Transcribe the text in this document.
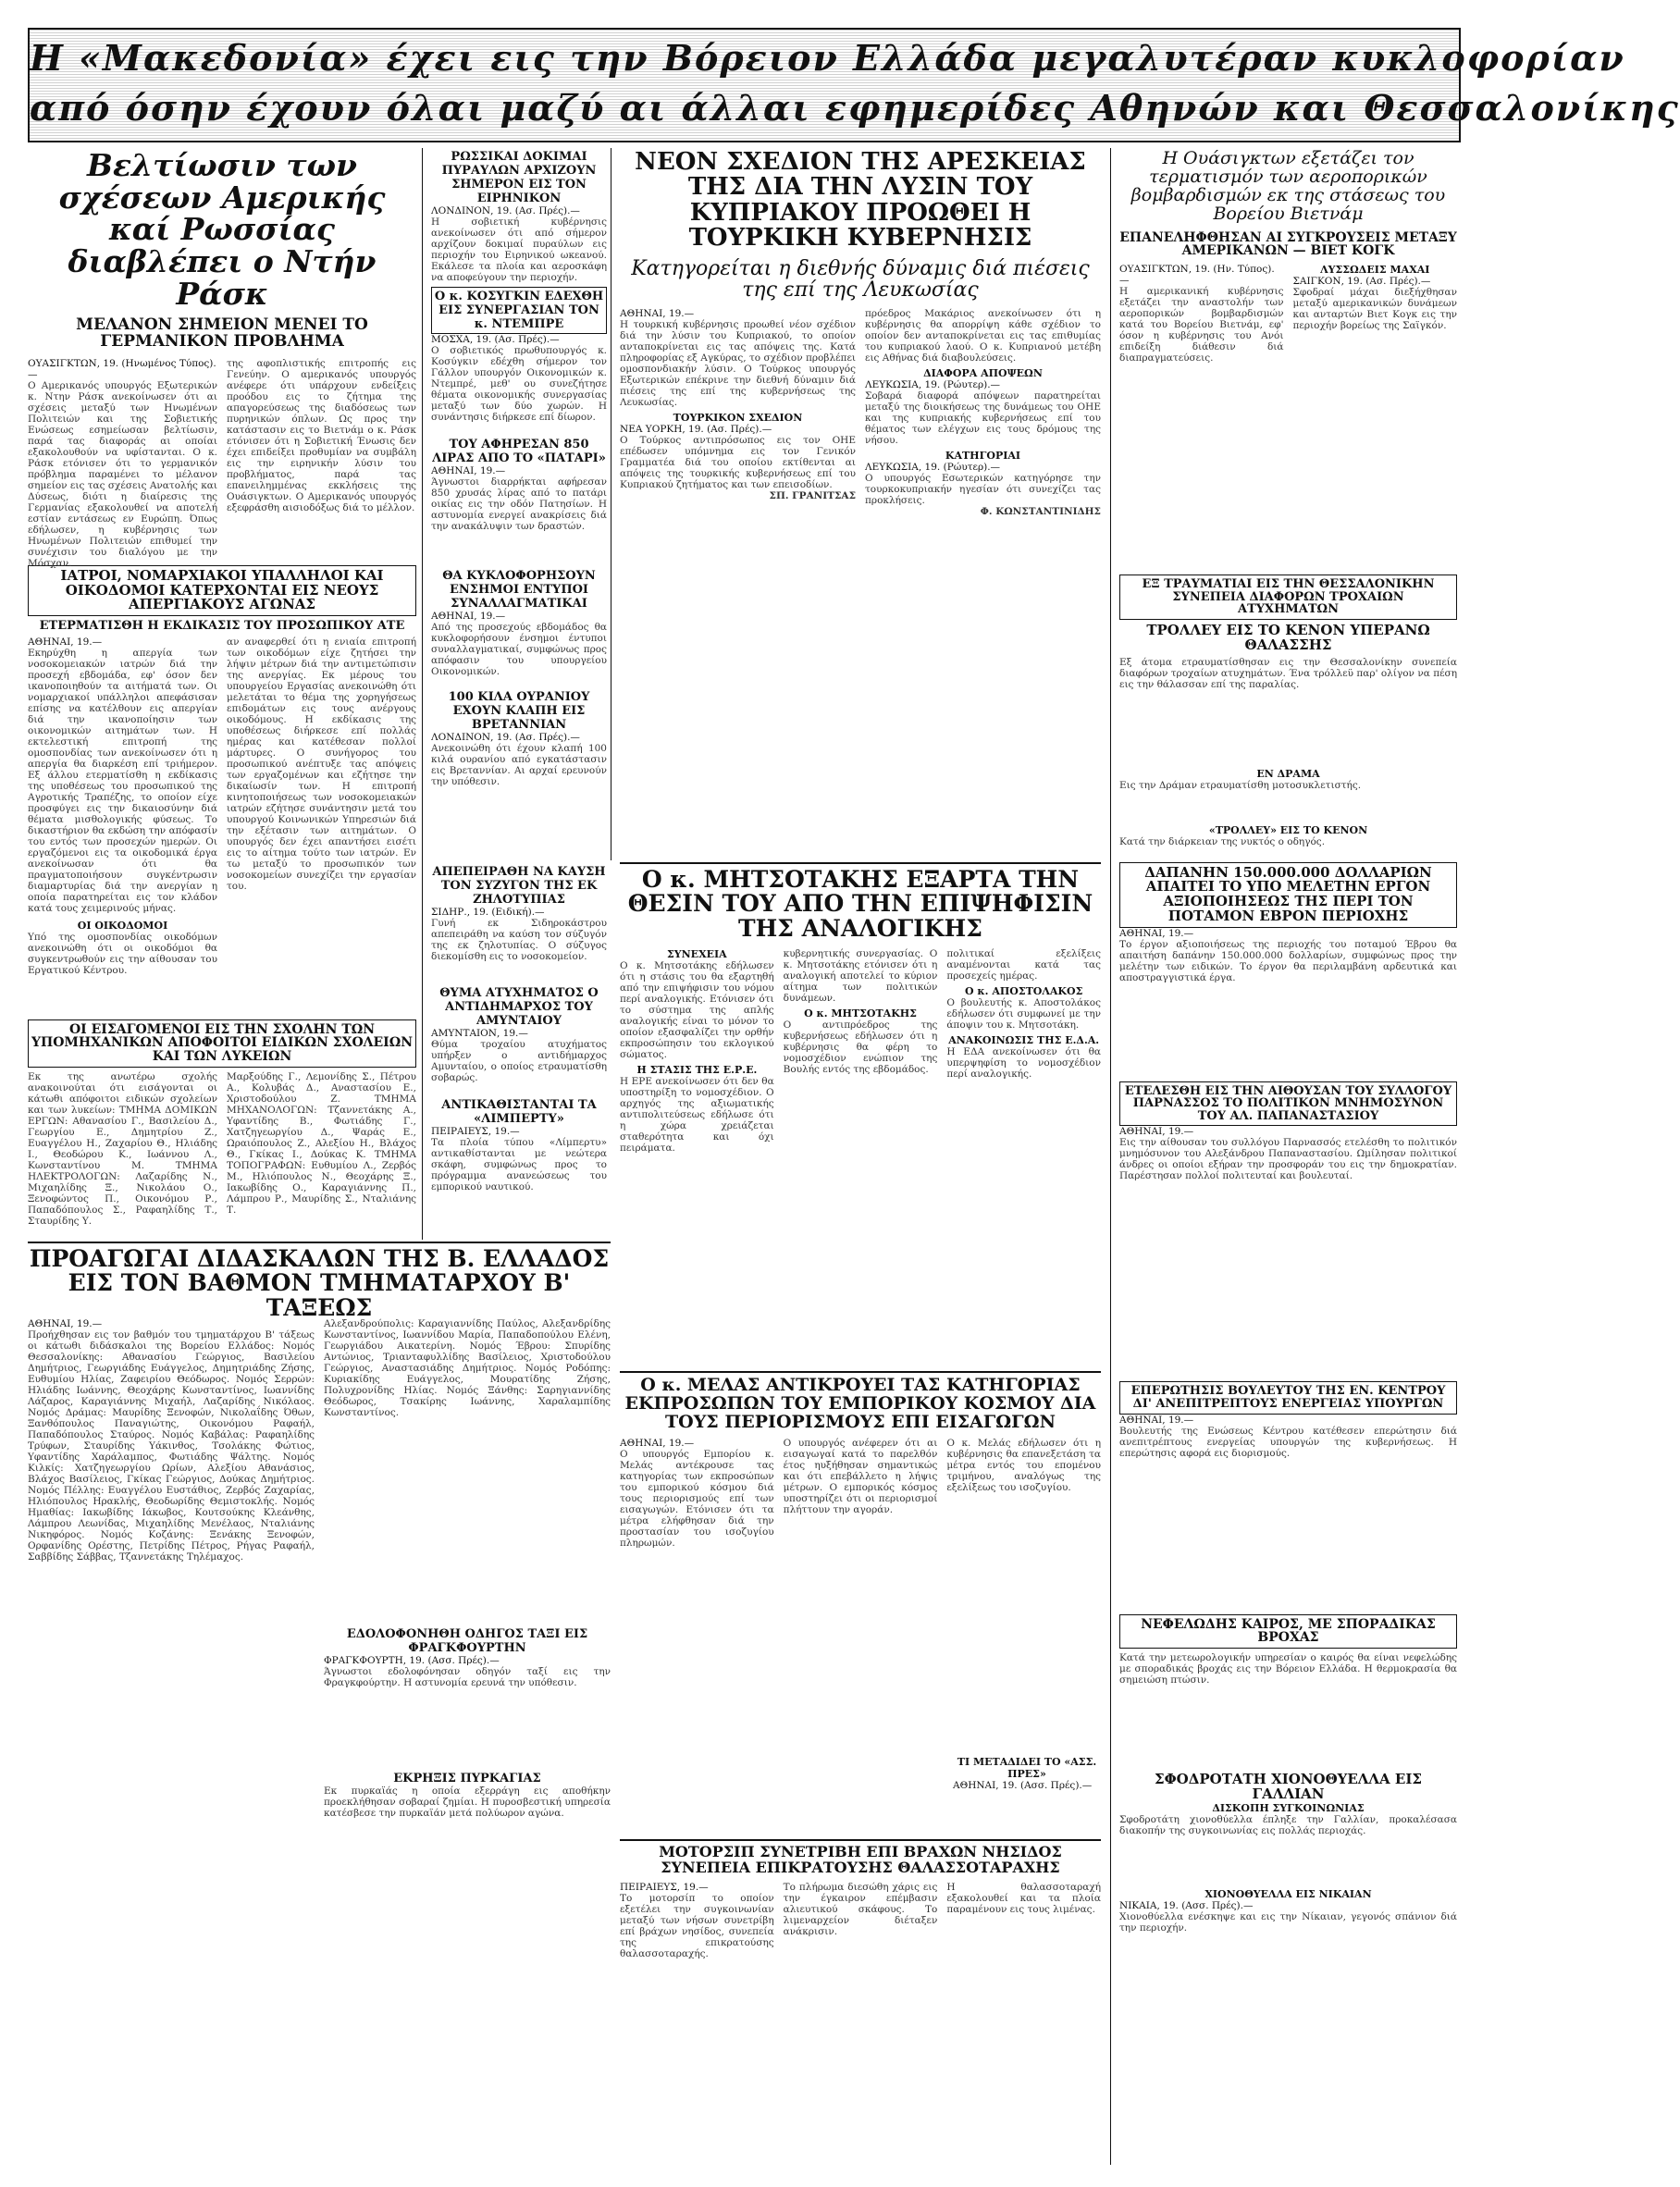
Η «Μακεδονία» έχει εις την Βόρειον Ελλάδα μεγαλυτέραν κυκλοφορίαν
από όσην έχουν όλαι μαζύ αι άλλαι εφημερίδες Αθηνών και Θεσσαλονίκης
Βελτίωσιν των σχέσεων Αμερικής καί Ρωσσίας διαβλέπει ο Ντήν Ράσκ
ΜΕΛΑΝΟΝ ΣΗΜΕΙΟΝ ΜΕΝΕΙ ΤΟ ΓΕΡΜΑΝΙΚΟΝ ΠΡΟΒΛΗΜΑ
ΟΥΑΣΙΓΚΤΩΝ, 19. (Ηνωμένος Τύπος).—
Ο Αμερικανός υπουργός Εξωτερικών κ. Ντην Ράσκ ανεκοίνωσεν ότι αι σχέσεις μεταξύ των Ηνωμένων Πολιτειών και της Σοβιετικής Ενώσεως εσημείωσαν βελτίωσιν, παρά τας διαφοράς αι οποίαι εξακολουθούν να υφίστανται. Ο κ. Ράσκ ετόνισεν ότι το γερμανικόν πρόβλημα παραμένει το μέλανον σημείον εις τας σχέσεις Ανατολής και Δύσεως, διότι η διαίρεσις της Γερμανίας εξακολουθεί να αποτελή εστίαν εντάσεως εν Ευρώπη. Όπως εδήλωσεν, η κυβέρνησις των Ηνωμένων Πολιτειών επιθυμεί την συνέχισιν του διαλόγου με την Μόσχαν.
της αφοπλιστικής επιτροπής εις Γενεύην. Ο αμερικανός υπουργός ανέφερε ότι υπάρχουν ενδείξεις προόδου εις το ζήτημα της απαγορεύσεως της διαδόσεως των πυρηνικών όπλων. Ως προς την κατάστασιν εις το Βιετνάμ ο κ. Ράσκ ετόνισεν ότι η Σοβιετική Ένωσις δεν έχει επιδείξει προθυμίαν να συμβάλη εις την ειρηνικήν λύσιν του προβλήματος, παρά τας επανειλημμένας εκκλήσεις της Ουάσιγκτων. Ο Αμερικανός υπουργός εξεφράσθη αισιοδόξως διά το μέλλον.
ΙΑΤΡΟΙ, ΝΟΜΑΡΧΙΑΚΟΙ ΥΠΑΛΛΗΛΟΙ ΚΑΙ ΟΙΚΟΔΟΜΟΙ ΚΑΤΕΡΧΟΝΤΑΙ ΕΙΣ ΝΕΟΥΣ ΑΠΕΡΓΙΑΚΟΥΣ ΑΓΩΝΑΣ
ΕΤΕΡΜΑΤΙΣΘΗ Η ΕΚΔΙΚΑΣΙΣ ΤΟΥ ΠΡΟΣΩΠΙΚΟΥ ΑΤΕ
ΑΘΗΝΑΙ, 19.—
Εκηρύχθη η απεργία των νοσοκομειακών ιατρών διά την προσεχή εβδομάδα, εφ' όσον δεν ικανοποιηθούν τα αιτήματά των. Οι νομαρχιακοί υπάλληλοι απεφάσισαν επίσης να κατέλθουν εις απεργίαν διά την ικανοποίησιν των οικονομικών αιτημάτων των. Η εκτελεστική επιτροπή της ομοσπονδίας των ανεκοίνωσεν ότι η απεργία θα διαρκέση επί τριήμερον. Εξ άλλου ετερματίσθη η εκδίκασις της υποθέσεως του προσωπικού της Αγροτικής Τραπέζης, το οποίον είχε προσφύγει εις την δικαιοσύνην διά θέματα μισθολογικής φύσεως. Το δικαστήριον θα εκδώση την απόφασίν του εντός των προσεχών ημερών. Οι εργαζόμενοι εις τα οικοδομικά έργα ανεκοίνωσαν ότι θα πραγματοποιήσουν συγκέντρωσιν διαμαρτυρίας διά την ανεργίαν η οποία παρατηρείται εις τον κλάδον κατά τους χειμερινούς μήνας.
ΟΙ ΟΙΚΟΔΟΜΟΙ
Υπό της ομοσπονδίας οικοδόμων ανεκοινώθη ότι οι οικοδόμοι θα συγκεντρωθούν εις την αίθουσαν του Εργατικού Κέντρου.
αν αναφερθεί ότι η ενιαία επιτροπή των οικοδόμων είχε ζητήσει την λήψιν μέτρων διά την αντιμετώπισιν της ανεργίας. Εκ μέρους του υπουργείου Εργασίας ανεκοινώθη ότι μελετάται το θέμα της χορηγήσεως επιδομάτων εις τους ανέργους οικοδόμους. Η εκδίκασις της υποθέσεως διήρκεσε επί πολλάς ημέρας και κατέθεσαν πολλοί μάρτυρες. Ο συνήγορος του προσωπικού ανέπτυξε τας απόψεις των εργαζομένων και εζήτησε την δικαίωσίν των. Η επιτροπή κινητοποιήσεως των νοσοκομειακών ιατρών εζήτησε συνάντησιν μετά του υπουργού Κοινωνικών Υπηρεσιών διά την εξέτασιν των αιτημάτων. Ο υπουργός δεν έχει απαντήσει εισέτι εις το αίτημα τούτο των ιατρών. Εν τω μεταξύ το προσωπικόν των νοσοκομείων συνεχίζει την εργασίαν του.
ΟΙ ΕΙΣΑΓΟΜΕΝΟΙ ΕΙΣ ΤΗΝ ΣΧΟΛΗΝ ΤΩΝ ΥΠΟΜΗΧΑΝΙΚΩΝ ΑΠΟΦΟΙΤΟΙ ΕΙΔΙΚΩΝ ΣΧΟΛΕΙΩΝ ΚΑΙ ΤΩΝ ΛΥΚΕΙΩΝ
Εκ της ανωτέρω σχολής ανακοινούται ότι εισάγονται οι κάτωθι απόφοιτοι ειδικών σχολείων και των λυκείων: ΤΜΗΜΑ ΔΟΜΙΚΩΝ ΕΡΓΩΝ: Αθανασίου Γ., Βασιλείου Δ., Γεωργίου Ε., Δημητρίου Ζ., Ευαγγέλου Η., Ζαχαρίου Θ., Ηλιάδης Ι., Θεοδώρου Κ., Ιωάννου Λ., Κωνσταντίνου Μ. ΤΜΗΜΑ ΗΛΕΚΤΡΟΛΟΓΩΝ: Λαζαρίδης Ν., Μιχαηλίδης Ξ., Νικολάου Ο., Ξενοφώντος Π., Οικονόμου Ρ., Παπαδόπουλος Σ., Ραφαηλίδης Τ., Σταυρίδης Υ.
Μαρξούδης Γ., Λεμονίδης Σ., Πέτρου Α., Κολυβάς Δ., Αναστασίου Ε., Χριστοδούλου Ζ. ΤΜΗΜΑ ΜΗΧΑΝΟΛΟΓΩΝ: Τζαννετάκης Α., Υφαντίδης Β., Φωτιάδης Γ., Χατζηγεωργίου Δ., Ψαράς Ε., Ωραιόπουλος Ζ., Αλεξίου Η., Βλάχος Θ., Γκίκας Ι., Δούκας Κ. ΤΜΗΜΑ ΤΟΠΟΓΡΑΦΩΝ: Ευθυμίου Λ., Ζερβός Μ., Ηλιόπουλος Ν., Θεοχάρης Ξ., Ιακωβίδης Ο., Καραγιάννης Π., Λάμπρου Ρ., Μαυρίδης Σ., Νταλιάνης Τ.
ΡΩΣΣΙΚΑΙ ΔΟΚΙΜΑΙ ΠΥΡΑΥΛΩΝ ΑΡΧΙΖΟΥΝ ΣΗΜΕΡΟΝ ΕΙΣ ΤΟΝ ΕΙΡΗΝΙΚΟΝ
ΛΟΝΔΙΝΟΝ, 19. (Ασ. Πρές).—
Η σοβιετική κυβέρνησις ανεκοίνωσεν ότι από σήμερον αρχίζουν δοκιμαί πυραύλων εις περιοχήν του Ειρηνικού ωκεανού. Εκάλεσε τα πλοία και αεροσκάφη να αποφεύγουν την περιοχήν.
Ο κ. ΚΟΣΥΓΚΙΝ ΕΔΕΧΘΗ ΕΙΣ ΣΥΝΕΡΓΑΣΙΑΝ ΤΟΝ κ. ΝΤΕΜΠΡΕ
ΜΟΣΧΑ, 19. (Ασ. Πρές).—
Ο σοβιετικός πρωθυπουργός κ. Κοσύγκιν εδέχθη σήμερον τον Γάλλον υπουργόν Οικονομικών κ. Ντεμπρέ, μεθ' ου συνεζήτησε θέματα οικονομικής συνεργασίας μεταξύ των δύο χωρών. Η συνάντησις διήρκεσε επί δίωρον.
ΤΟΥ ΑΦΗΡΕΣΑΝ 850 ΛΙΡΑΣ ΑΠΟ ΤΟ «ΠΑΤΑΡΙ»
ΑΘΗΝΑΙ, 19.—
Άγνωστοι διαρρήκται αφήρεσαν 850 χρυσάς λίρας από το πατάρι οικίας εις την οδόν Πατησίων. Η αστυνομία ενεργεί ανακρίσεις διά την ανακάλυψιν των δραστών.
ΘΑ ΚΥΚΛΟΦΟΡΗΣΟΥΝ ΕΝΣΗΜΟΙ ΕΝΤΥΠΟΙ ΣΥΝΑΛΛΑΓΜΑΤΙΚΑΙ
ΑΘΗΝΑΙ, 19.—
Από της προσεχούς εβδομάδος θα κυκλοφορήσουν ένσημοι έντυποι συναλλαγματικαί, συμφώνως προς απόφασιν του υπουργείου Οικονομικών.
100 ΚΙΛΑ ΟΥΡΑΝΙΟΥ ΕΧΟΥΝ ΚΛΑΠΗ ΕΙΣ ΒΡΕΤΑΝΝΙΑΝ
ΛΟΝΔΙΝΟΝ, 19. (Ασ. Πρές).—
Ανεκοινώθη ότι έχουν κλαπή 100 κιλά ουρανίου από εγκατάστασιν εις Βρεταννίαν. Αι αρχαί ερευνούν την υπόθεσιν.
ΑΠΕΠΕΙΡΑΘΗ ΝΑ ΚΑΥΣΗ ΤΟΝ ΣΥΖΥΓΟΝ ΤΗΣ ΕΚ ΖΗΛΟΤΥΠΙΑΣ
ΣΙΔΗΡ., 19. (Ειδική).—
Γυνή εκ Σιδηροκάστρου απεπειράθη να καύση τον σύζυγόν της εκ ζηλοτυπίας. Ο σύζυγος διεκομίσθη εις το νοσοκομείον.
ΘΥΜΑ ΑΤΥΧΗΜΑΤΟΣ Ο ΑΝΤΙΔΗΜΑΡΧΟΣ ΤΟΥ ΑΜΥΝΤΑΙΟΥ
ΑΜΥΝΤΑΙΟΝ, 19.—
Θύμα τροχαίου ατυχήματος υπήρξεν ο αντιδήμαρχος Αμυνταίου, ο οποίος ετραυματίσθη σοβαρώς.
ΑΝΤΙΚΑΘΙΣΤΑΝΤΑΙ ΤΑ «ΛΙΜΠΕΡΤΥ»
ΠΕΙΡΑΙΕΥΣ, 19.—
Τα πλοία τύπου «Λίμπερτυ» αντικαθίστανται με νεώτερα σκάφη, συμφώνως προς το πρόγραμμα ανανεώσεως του εμπορικού ναυτικού.
ΝΕΟΝ ΣΧΕΔΙΟΝ ΤΗΣ ΑΡΕΣΚΕΙΑΣ ΤΗΣ ΔΙΑ ΤΗΝ ΛΥΣΙΝ ΤΟΥ ΚΥΠΡΙΑΚΟΥ ΠΡΟΩΘΕΙ Η ΤΟΥΡΚΙΚΗ ΚΥΒΕΡΝΗΣΙΣ
Κατηγορείται η διεθνής δύναμις διά πιέσεις της επί της Λευκωσίας
ΑΘΗΝΑΙ, 19.—
Η τουρκική κυβέρνησις προωθεί νέον σχέδιον διά την λύσιν του Κυπριακού, το οποίον ανταποκρίνεται εις τας απόψεις της. Κατά πληροφορίας εξ Αγκύρας, το σχέδιον προβλέπει ομοσπονδιακήν λύσιν. Ο Τούρκος υπουργός Εξωτερικών επέκρινε την διεθνή δύναμιν διά πιέσεις της επί της κυβερνήσεως της Λευκωσίας.
ΤΟΥΡΚΙΚΟΝ ΣΧΕΔΙΟΝ
ΝΕΑ ΥΟΡΚΗ, 19. (Ασ. Πρές).—
Ο Τούρκος αντιπρόσωπος εις τον ΟΗΕ επέδωσεν υπόμνημα εις τον Γενικόν Γραμματέα διά του οποίου εκτίθενται αι απόψεις της τουρκικής κυβερνήσεως επί του Κυπριακού ζητήματος και των επεισοδίων.
ΣΠ. ΓΡΑΝΙΤΣΑΣ
πρόεδρος Μακάριος ανεκοίνωσεν ότι η κυβέρνησις θα απορρίψη κάθε σχέδιον το οποίον δεν ανταποκρίνεται εις τας επιθυμίας του κυπριακού λαού. Ο κ. Κυπριανού μετέβη εις Αθήνας διά διαβουλεύσεις.
ΔΙΑΦΟΡΑ ΑΠΟΨΕΩΝ
ΛΕΥΚΩΣΙΑ, 19. (Ρώυτερ).—
Σοβαρά διαφορά απόψεων παρατηρείται μεταξύ της διοικήσεως της δυνάμεως του ΟΗΕ και της κυπριακής κυβερνήσεως επί του θέματος των ελέγχων εις τους δρόμους της νήσου.
ΚΑΤΗΓΟΡΙΑΙ
ΛΕΥΚΩΣΙΑ, 19. (Ρώυτερ).—
Ο υπουργός Εσωτερικών κατηγόρησε την τουρκοκυπριακήν ηγεσίαν ότι συνεχίζει τας προκλήσεις.
Φ. ΚΩΝΣΤΑΝΤΙΝΙΔΗΣ
Ο κ. ΜΗΤΣΟΤΑΚΗΣ ΕΞΑΡΤΑ ΤΗΝ ΘΕΣΙΝ ΤΟΥ ΑΠΟ ΤΗΝ ΕΠΙΨΗΦΙΣΙΝ ΤΗΣ ΑΝΑΛΟΓΙΚΗΣ
ΣΥΝΕΧΕΙΑ
Ο κ. Μητσοτάκης εδήλωσεν ότι η στάσις του θα εξαρτηθή από την επιψήφισιν του νόμου περί αναλογικής. Ετόνισεν ότι το σύστημα της απλής αναλογικής είναι το μόνον το οποίον εξασφαλίζει την ορθήν εκπροσώπησιν του εκλογικού σώματος.
Η ΣΤΑΣΙΣ ΤΗΣ Ε.Ρ.Ε.
Η ΕΡΕ ανεκοίνωσεν ότι δεν θα υποστηρίξη το νομοσχέδιον. Ο αρχηγός της αξιωματικής αντιπολιτεύσεως εδήλωσε ότι η χώρα χρειάζεται σταθερότητα και όχι πειράματα.
κυβερνητικής συνεργασίας. Ο κ. Μητσοτάκης ετόνισεν ότι η αναλογική αποτελεί το κύριον αίτημα των πολιτικών δυνάμεων.
Ο κ. ΜΗΤΣΟΤΑΚΗΣ
Ο αντιπρόεδρος της κυβερνήσεως εδήλωσεν ότι η κυβέρνησις θα φέρη το νομοσχέδιον ενώπιον της Βουλής εντός της εβδομάδος.
πολιτικαί εξελίξεις αναμένονται κατά τας προσεχείς ημέρας.
Ο κ. ΑΠΟΣΤΟΛΑΚΟΣ
Ο βουλευτής κ. Αποστολάκος εδήλωσεν ότι συμφωνεί με την άποψιν του κ. Μητσοτάκη.
ΑΝΑΚΟΙΝΩΣΙΣ ΤΗΣ Ε.Δ.Α.
Η ΕΔΑ ανεκοίνωσεν ότι θα υπερψηφίση το νομοσχέδιον περί αναλογικής.
Η Ουάσιγκτων εξετάζει τον τερματισμόν των αεροπορικών βομβαρδισμών εκ της στάσεως του Βορείου Βιετνάμ
ΕΠΑΝΕΛΗΦΘΗΣΑΝ ΑΙ ΣΥΓΚΡΟΥΣΕΙΣ ΜΕΤΑΞΥ ΑΜΕΡΙΚΑΝΩΝ — ΒΙΕΤ ΚΟΓΚ
ΟΥΑΣΙΓΚΤΩΝ, 19. (Ην. Τύπος).—
Η αμερικανική κυβέρνησις εξετάζει την αναστολήν των αεροπορικών βομβαρδισμών κατά του Βορείου Βιετνάμ, εφ' όσον η κυβέρνησις του Ανόι επιδείξη διάθεσιν διά διαπραγματεύσεις.
ΛΥΣΣΩΔΕΙΣ ΜΑΧΑΙ
ΣΑΙΓΚΟΝ, 19. (Ασ. Πρές).—
Σφοδραί μάχαι διεξήχθησαν μεταξύ αμερικανικών δυνάμεων και ανταρτών Βιετ Κογκ εις την περιοχήν βορείως της Σαϊγκόν.
ΕΞ ΤΡΑΥΜΑΤΙΑΙ ΕΙΣ ΤΗΝ ΘΕΣΣΑΛΟΝΙΚΗΝ ΣΥΝΕΠΕΙΑ ΔΙΑΦΟΡΩΝ ΤΡΟΧΑΙΩΝ ΑΤΥΧΗΜΑΤΩΝ
ΤΡΟΛΛΕΥ ΕΙΣ ΤΟ ΚΕΝΟΝ ΥΠΕΡΑΝΩ ΘΑΛΑΣΣΗΣ
Εξ άτομα ετραυματίσθησαν εις την Θεσσαλονίκην συνεπεία διαφόρων τροχαίων ατυχημάτων. Ένα τρόλλεϋ παρ' ολίγον να πέση εις την θάλασσαν επί της παραλίας.
ΕΝ ΔΡΑΜΑ
Εις την Δράμαν ετραυματίσθη μοτοσυκλετιστής.
«ΤΡΟΛΛΕΥ» ΕΙΣ ΤΟ ΚΕΝΟΝ
Κατά την διάρκειαν της νυκτός ο οδηγός.
ΔΑΠΑΝΗΝ 150.000.000 ΔΟΛΛΑΡΙΩΝ ΑΠΑΙΤΕΙ ΤΟ ΥΠΟ ΜΕΛΕΤΗΝ ΕΡΓΟΝ ΑΞΙΟΠΟΙΗΣΕΩΣ ΤΗΣ ΠΕΡΙ ΤΟΝ ΠΟΤΑΜΟΝ ΕΒΡΟΝ ΠΕΡΙΟΧΗΣ
ΑΘΗΝΑΙ, 19.—
Το έργον αξιοποιήσεως της περιοχής του ποταμού Έβρου θα απαιτήση δαπάνην 150.000.000 δολλαρίων, συμφώνως προς την μελέτην των ειδικών. Το έργον θα περιλαμβάνη αρδευτικά και αποστραγγιστικά έργα.
ΕΤΕΛΕΣΘΗ ΕΙΣ ΤΗΝ ΑΙΘΟΥΣΑΝ ΤΟΥ ΣΥΛΛΟΓΟΥ ΠΑΡΝΑΣΣΟΣ ΤΟ ΠΟΛΙΤΙΚΟΝ ΜΝΗΜΟΣΥΝΟΝ ΤΟΥ ΑΛ. ΠΑΠΑΝΑΣΤΑΣΙΟΥ
ΑΘΗΝΑΙ, 19.—
Εις την αίθουσαν του συλλόγου Παρνασσός ετελέσθη το πολιτικόν μνημόσυνον του Αλεξάνδρου Παπαναστασίου. Ωμίλησαν πολιτικοί άνδρες οι οποίοι εξήραν την προσφοράν του εις την δημοκρατίαν. Παρέστησαν πολλοί πολιτευταί και βουλευταί.
ΕΠΕΡΩΤΗΣΙΣ ΒΟΥΛΕΥΤΟΥ ΤΗΣ ΕΝ. ΚΕΝΤΡΟΥ ΔΙ' ΑΝΕΠΙΤΡΕΠΤΟΥΣ ΕΝΕΡΓΕΙΑΣ ΥΠΟΥΡΓΩΝ
ΑΘΗΝΑΙ, 19.—
Βουλευτής της Ενώσεως Κέντρου κατέθεσεν επερώτησιν διά ανεπιτρέπτους ενεργείας υπουργών της κυβερνήσεως. Η επερώτησις αφορά εις διορισμούς.
ΝΕΦΕΛΩΔΗΣ ΚΑΙΡΟΣ, ΜΕ ΣΠΟΡΑΔΙΚΑΣ ΒΡΟΧΑΣ
Κατά την μετεωρολογικήν υπηρεσίαν ο καιρός θα είναι νεφελώδης με σποραδικάς βροχάς εις την Βόρειον Ελλάδα. Η θερμοκρασία θα σημειώση πτώσιν.
ΣΦΟΔΡΟΤΑΤΗ ΧΙΟΝΟΘΥΕΛΛΑ ΕΙΣ ΓΑΛΛΙΑΝ
ΔΙΣΚΟΠΗ ΣΥΓΚΟΙΝΩΝΙΑΣ
Σφοδροτάτη χιονοθύελλα έπληξε την Γαλλίαν, προκαλέσασα διακοπήν της συγκοινωνίας εις πολλάς περιοχάς.
ΧΙΟΝΟΘΥΕΛΛΑ ΕΙΣ ΝΙΚΑΙΑΝ
ΝΙΚΑΙΑ, 19. (Ασσ. Πρές).—
Χιονοθύελλα ενέσκηψε και εις την Νίκαιαν, γεγονός σπάνιον διά την περιοχήν.
ΠΡΟΑΓΩΓΑΙ ΔΙΔΑΣΚΑΛΩΝ ΤΗΣ Β. ΕΛΛΑΔΟΣ ΕΙΣ ΤΟΝ ΒΑΘΜΟΝ ΤΜΗΜΑΤΑΡΧΟΥ Β' ΤΑΞΕΩΣ
ΑΘΗΝΑΙ, 19.—
Προήχθησαν εις τον βαθμόν του τμηματάρχου Β' τάξεως οι κάτωθι διδάσκαλοι της Βορείου Ελλάδος: Νομός Θεσσαλονίκης: Αθανασίου Γεώργιος, Βασιλείου Δημήτριος, Γεωργιάδης Ευάγγελος, Δημητριάδης Ζήσης, Ευθυμίου Ηλίας, Ζαφειρίου Θεόδωρος. Νομός Σερρών: Ηλιάδης Ιωάννης, Θεοχάρης Κωνσταντίνος, Ιωαννίδης Λάζαρος, Καραγιάννης Μιχαήλ, Λαζαρίδης Νικόλαος. Νομός Δράμας: Μαυρίδης Ξενοφών, Νικολαΐδης Όθων, Ξανθόπουλος Παναγιώτης, Οικονόμου Ραφαήλ, Παπαδόπουλος Σταύρος. Νομός Καβάλας: Ραφαηλίδης Τρύφων, Σταυρίδης Υάκινθος, Τσολάκης Φώτιος, Υφαντίδης Χαράλαμπος, Φωτιάδης Ψάλτης. Νομός Κιλκίς: Χατζηγεωργίου Ωρίων, Αλεξίου Αθανάσιος, Βλάχος Βασίλειος, Γκίκας Γεώργιος, Δούκας Δημήτριος. Νομός Πέλλης: Ευαγγέλου Ευστάθιος, Ζερβός Ζαχαρίας, Ηλιόπουλος Ηρακλής, Θεοδωρίδης Θεμιστοκλής. Νομός Ημαθίας: Ιακωβίδης Ιάκωβος, Κουτσούκης Κλεάνθης, Λάμπρου Λεωνίδας, Μιχαηλίδης Μενέλαος, Νταλιάνης Νικηφόρος. Νομός Κοζάνης: Ξενάκης Ξενοφών, Ορφανίδης Ορέστης, Πετρίδης Πέτρος, Ρήγας Ραφαήλ, Σαββίδης Σάββας, Τζαννετάκης Τηλέμαχος.
Αλεξανδρούπολις: Καραγιαννίδης Παύλος, Αλεξανδρίδης Κωνσταντίνος, Ιωαννίδου Μαρία, Παπαδοπούλου Ελένη, Γεωργιάδου Αικατερίνη. Νομός Έβρου: Σπυρίδης Αντώνιος, Τριανταφυλλίδης Βασίλειος, Χριστοδούλου Γεώργιος, Αναστασιάδης Δημήτριος. Νομός Ροδόπης: Κυριακίδης Ευάγγελος, Μουρατίδης Ζήσης, Πολυχρονίδης Ηλίας. Νομός Ξάνθης: Σαρηγιαννίδης Θεόδωρος, Τσακίρης Ιωάννης, Χαραλαμπίδης Κωνσταντίνος.
ΕΔΟΛΟΦΟΝΗΘΗ ΟΔΗΓΟΣ ΤΑΞΙ ΕΙΣ ΦΡΑΓΚΦΟΥΡΤΗΝ
ΦΡΑΓΚΦΟΥΡΤΗ, 19. (Ασσ. Πρές).—
Άγνωστοι εδολοφόνησαν οδηγόν ταξί εις την Φραγκφούρτην. Η αστυνομία ερευνά την υπόθεσιν.
ΕΚΡΗΞΙΣ ΠΥΡΚΑΓΙΑΣ
Εκ πυρκαϊάς η οποία εξερράγη εις αποθήκην προεκλήθησαν σοβαραί ζημίαι. Η πυροσβεστική υπηρεσία κατέσβεσε την πυρκαϊάν μετά πολύωρον αγώνα.
Ο κ. ΜΕΛΑΣ ΑΝΤΙΚΡΟΥΕΙ ΤΑΣ ΚΑΤΗΓΟΡΙΑΣ ΕΚΠΡΟΣΩΠΩΝ ΤΟΥ ΕΜΠΟΡΙΚΟΥ ΚΟΣΜΟΥ ΔΙΑ ΤΟΥΣ ΠΕΡΙΟΡΙΣΜΟΥΣ ΕΠΙ ΕΙΣΑΓΩΓΩΝ
ΑΘΗΝΑΙ, 19.—
Ο υπουργός Εμπορίου κ. Μελάς αντέκρουσε τας κατηγορίας των εκπροσώπων του εμπορικού κόσμου διά τους περιορισμούς επί των εισαγωγών. Ετόνισεν ότι τα μέτρα ελήφθησαν διά την προστασίαν του ισοζυγίου πληρωμών.
Ο υπουργός ανέφερεν ότι αι εισαγωγαί κατά το παρελθόν έτος ηυξήθησαν σημαντικώς και ότι επεβάλλετο η λήψις μέτρων. Ο εμπορικός κόσμος υποστηρίζει ότι οι περιορισμοί πλήττουν την αγοράν.
Ο κ. Μελάς εδήλωσεν ότι η κυβέρνησις θα επανεξετάση τα μέτρα εντός του επομένου τριμήνου, αναλόγως της εξελίξεως του ισοζυγίου.
ΤΙ ΜΕΤΑΔΙΔΕΙ ΤΟ «ΑΣΣ. ΠΡΕΣ»
ΑΘΗΝΑΙ, 19. (Ασσ. Πρές).—
ΜΟΤΟΡΣΙΠ ΣΥΝΕΤΡΙΒΗ ΕΠΙ ΒΡΑΧΩΝ ΝΗΣΙΔΟΣ ΣΥΝΕΠΕΙΑ ΕΠΙΚΡΑΤΟΥΣΗΣ ΘΑΛΑΣΣΟΤΑΡΑΧΗΣ
ΠΕΙΡΑΙΕΥΣ, 19.—
Το μοτορσίπ το οποίον εξετέλει την συγκοινωνίαν μεταξύ των νήσων συνετρίβη επί βράχων νησίδος, συνεπεία της επικρατούσης θαλασσοταραχής.
Το πλήρωμα διεσώθη χάρις εις την έγκαιρον επέμβασιν αλιευτικού σκάφους. Το λιμεναρχείον διέταξεν ανάκρισιν.
Η θαλασσοταραχή εξακολουθεί και τα πλοία παραμένουν εις τους λιμένας.
